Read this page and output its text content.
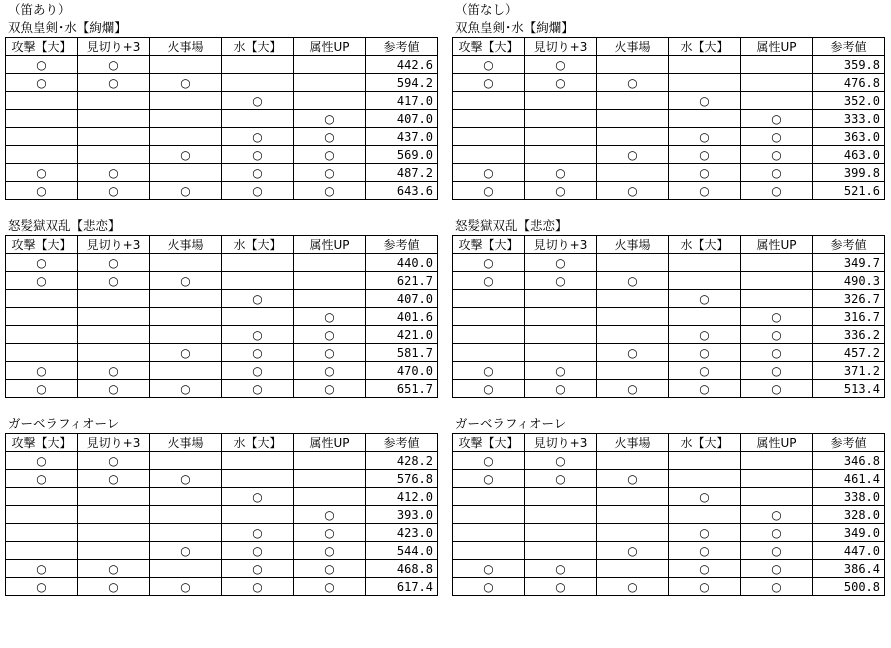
（笛あり）
双魚皇剣･水【絢爛】
攻撃【大】	見切り+3	火事場	水【大】	属性UP	参考値
○	○				442.6
○	○	○			594.2
			○		417.0
				○	407.0
			○	○	437.0
		○	○	○	569.0
○	○		○	○	487.2
○	○	○	○	○	643.6
怒髪獄双乱【悲恋】
攻撃【大】	見切り+3	火事場	水【大】	属性UP	参考値
○	○				440.0
○	○	○			621.7
			○		407.0
				○	401.6
			○	○	421.0
		○	○	○	581.7
○	○		○	○	470.0
○	○	○	○	○	651.7
ガーベラフィオーレ
攻撃【大】	見切り+3	火事場	水【大】	属性UP	参考値
○	○				428.2
○	○	○			576.8
			○		412.0
				○	393.0
			○	○	423.0
		○	○	○	544.0
○	○		○	○	468.8
○	○	○	○	○	617.4
（笛なし）
双魚皇剣･水【絢爛】
攻撃【大】	見切り+3	火事場	水【大】	属性UP	参考値
○	○				359.8
○	○	○			476.8
			○		352.0
				○	333.0
			○	○	363.0
		○	○	○	463.0
○	○		○	○	399.8
○	○	○	○	○	521.6
怒髪獄双乱【悲恋】
攻撃【大】	見切り+3	火事場	水【大】	属性UP	参考値
○	○				349.7
○	○	○			490.3
			○		326.7
				○	316.7
			○	○	336.2
		○	○	○	457.2
○	○		○	○	371.2
○	○	○	○	○	513.4
ガーベラフィオーレ
攻撃【大】	見切り+3	火事場	水【大】	属性UP	参考値
○	○				346.8
○	○	○			461.4
			○		338.0
				○	328.0
			○	○	349.0
		○	○	○	447.0
○	○		○	○	386.4
○	○	○	○	○	500.8
